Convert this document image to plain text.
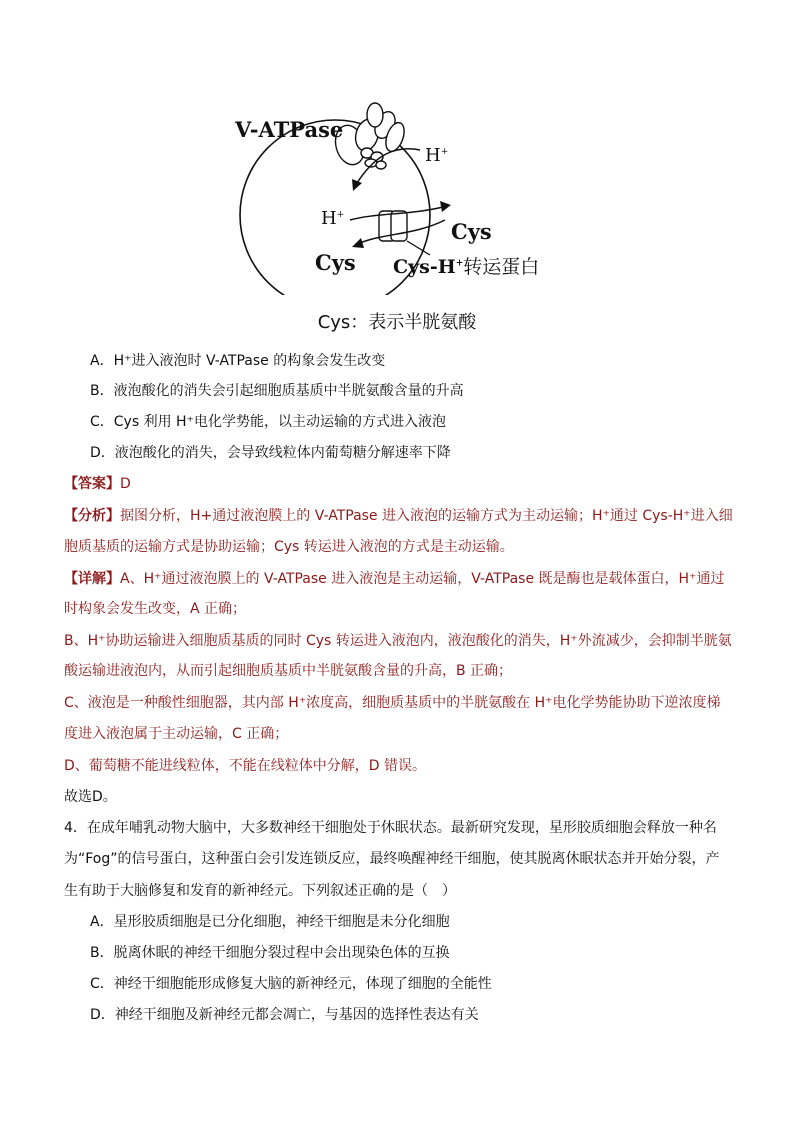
V-ATPase
H+
H+
Cys
Cys Cys-H+转运蛋白
Cys：表示半胱氨酸
A．H⁺进入液泡时 V-ATPase 的构象会发生改变
B．液泡酸化的消失会引起细胞质基质中半胱氨酸含量的升高
C．Cys 利用 H⁺电化学势能，以主动运输的方式进入液泡
D．液泡酸化的消失，会导致线粒体内葡萄糖分解速率下降
【答案】D
【分析】据图分析，H+通过液泡膜上的 V-ATPase 进入液泡的运输方式为主动运输；H⁺通过 Cys-H⁺进入细
胞质基质的运输方式是协助运输；Cys 转运进入液泡的方式是主动运输。
【详解】A、H⁺通过液泡膜上的 V-ATPase 进入液泡是主动运输，V-ATPase 既是酶也是载体蛋白，H⁺通过
时构象会发生改变，A 正确；
B、H⁺协助运输进入细胞质基质的同时 Cys 转运进入液泡内，液泡酸化的消失，H⁺外流减少，会抑制半胱氨
酸运输进液泡内，从而引起细胞质基质中半胱氨酸含量的升高，B 正确；
C、液泡是一种酸性细胞器，其内部 H⁺浓度高，细胞质基质中的半胱氨酸在 H⁺电化学势能协助下逆浓度梯
度进入液泡属于主动运输，C 正确；
D、葡萄糖不能进线粒体，不能在线粒体中分解，D 错误。
故选D。
4．在成年哺乳动物大脑中，大多数神经干细胞处于休眠状态。最新研究发现，星形胶质细胞会释放一种名
为“Fog”的信号蛋白，这种蛋白会引发连锁反应，最终唤醒神经干细胞，使其脱离休眠状态并开始分裂，产
生有助于大脑修复和发育的新神经元。下列叙述正确的是（　）
A．星形胶质细胞是已分化细胞，神经干细胞是未分化细胞
B．脱离休眠的神经干细胞分裂过程中会出现染色体的互换
C．神经干细胞能形成修复大脑的新神经元，体现了细胞的全能性
D．神经干细胞及新神经元都会凋亡，与基因的选择性表达有关
